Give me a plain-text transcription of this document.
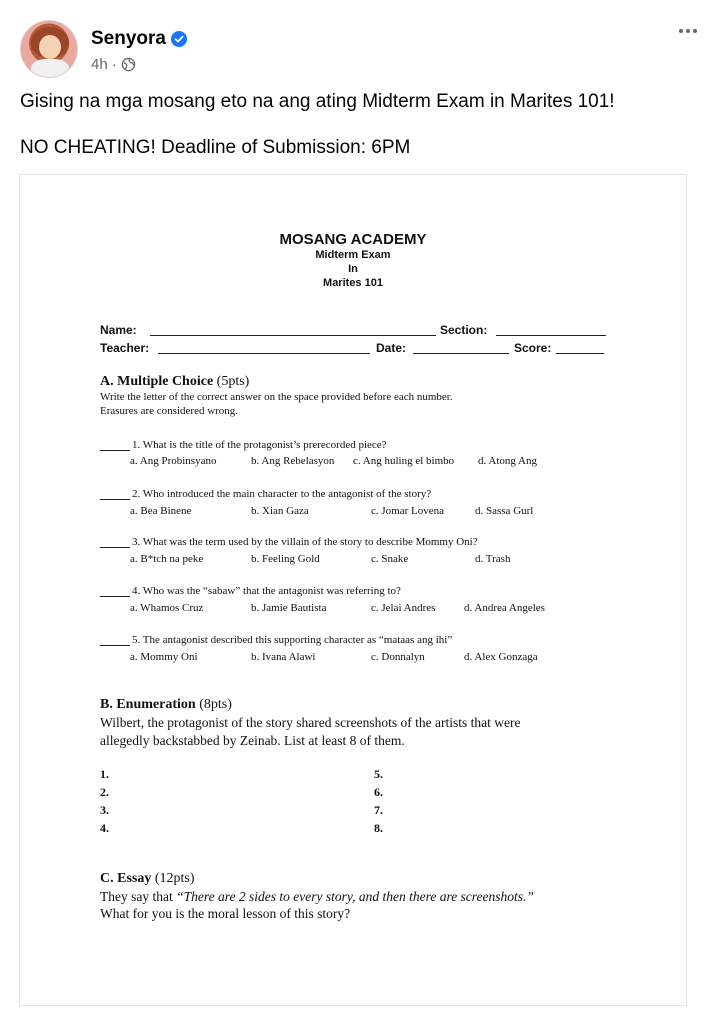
Senyora
4h ·
Gising na mga mosang eto na ang ating Midterm Exam in Marites 101!
NO CHEATING! Deadline of Submission: 6PM
MOSANG ACADEMY
Midterm Exam
In
Marites 101
Name:	Section:
Teacher:	Date:	Score:
A. Multiple Choice (5pts)
Write the letter of the correct answer on the space provided before each number.
Erasures are considered wrong.
1. What is the title of the protagonist’s prerecorded piece?
a. Ang Probinsyano	b. Ang Rebelasyon c. Ang huling el bimbo d. Atong Ang
2. Who introduced the main character to the antagonist of the story?
a. Bea Binene	b. Xian Gaza	c. Jomar Lovena	d. Sassa Gurl
3. What was the term used by the villain of the story to describe Mommy Oni?
a. B*tch na peke	b. Feeling Gold	c. Snake	d. Trash
4. Who was the “sabaw” that the antagonist was referring to?
a. Whamos Cruz	b. Jamie Bautista	c. Jelai Andres	d. Andrea Angeles
5. The antagonist described this supporting character as “mataas ang ihi”
a. Mommy Oni	b. Ivana Alawi	c. Donnalyn	d. Alex Gonzaga
B. Enumeration (8pts)
Wilbert, the protagonist of the story shared screenshots of the artists that were
allegedly backstabbed by Zeinab. List at least 8 of them.
1.
2.
3.
4.
5.
6.
7.
8.
C. Essay (12pts)
They say that “There are 2 sides to every story, and then there are screenshots.”
What for you is the moral lesson of this story?
